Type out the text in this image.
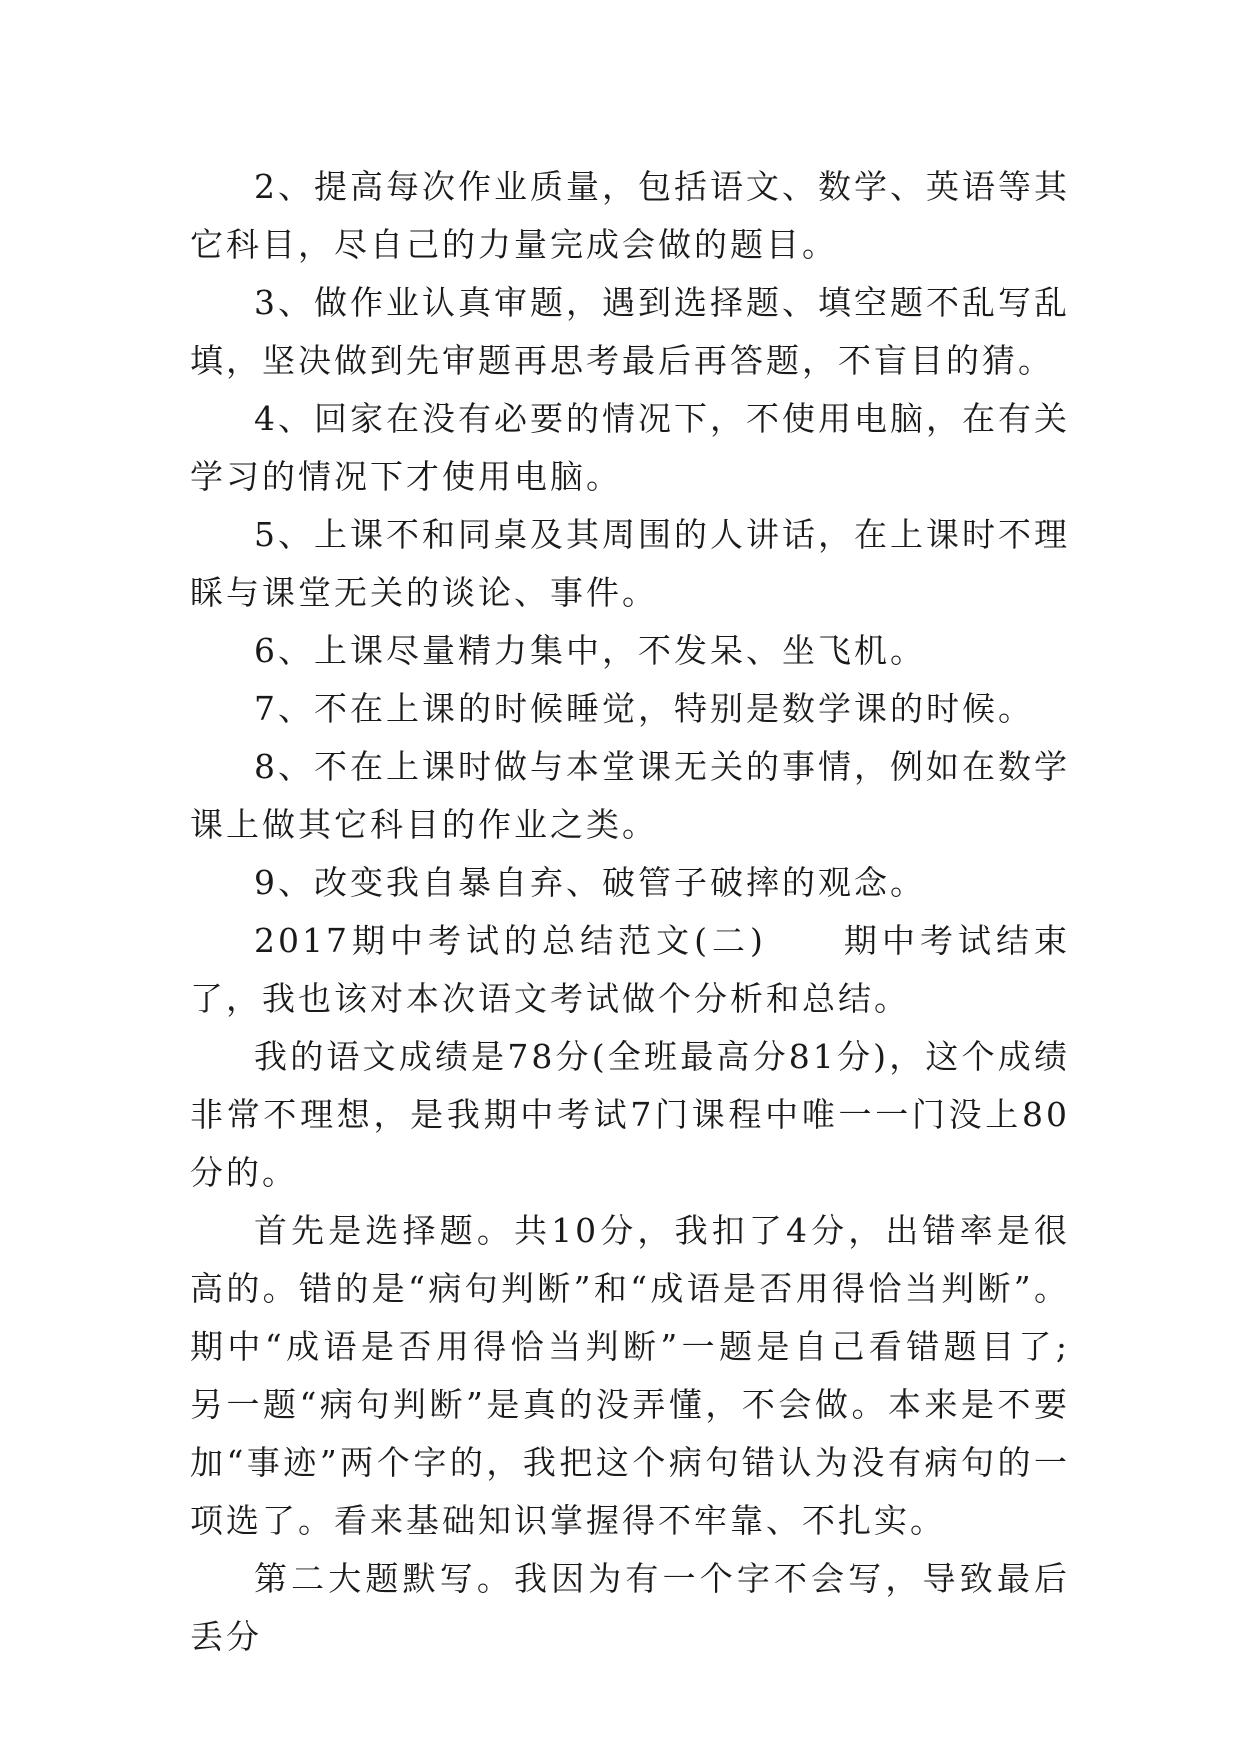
2、提高每次作业质量，包括语文、数学、英语等其它科目，尽自己的力量完成会做的题目。

3、做作业认真审题，遇到选择题、填空题不乱写乱填，坚决做到先审题再思考最后再答题，不盲目的猜。

4、回家在没有必要的情况下，不使用电脑，在有关学习的情况下才使用电脑。

5、上课不和同桌及其周围的人讲话，在上课时不理睬与课堂无关的谈论、事件。

6、上课尽量精力集中，不发呆、坐飞机。

7、不在上课的时候睡觉，特别是数学课的时候。

8、不在上课时做与本堂课无关的事情，例如在数学课上做其它科目的作业之类。

9、改变我自暴自弃、破管子破摔的观念。

2017期中考试的总结范文(二)　　期中考试结束了，我也该对本次语文考试做个分析和总结。

我的语文成绩是78分(全班最高分81分)，这个成绩非常不理想，是我期中考试7门课程中唯一一门没上80分的。

首先是选择题。共10分，我扣了4分，出错率是很高的。错的是“病句判断”和“成语是否用得恰当判断”。期中“成语是否用得恰当判断”一题是自己看错题目了;另一题“病句判断”是真的没弄懂，不会做。本来是不要加“事迹”两个字的，我把这个病句错认为没有病句的一项选了。看来基础知识掌握得不牢靠、不扎实。

第二大题默写。我因为有一个字不会写，导致最后丢分
